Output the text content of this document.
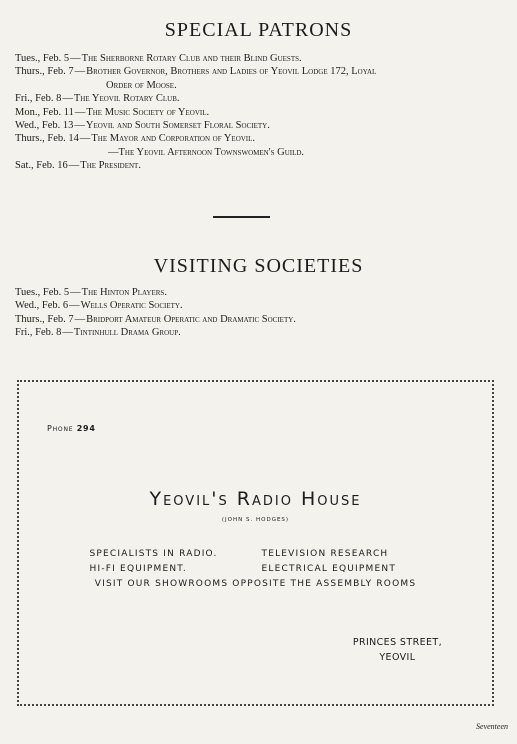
SPECIAL PATRONS
Tues., Feb. 5 — The Sherborne Rotary Club and their Blind Guests.
Thurs., Feb. 7 — Brother Governor, Brothers and Ladies of Yeovil Lodge 172, Loyal
Order of Moose.
Fri., Feb. 8 — The Yeovil Rotary Club.
Mon., Feb. 11 — The Music Society of Yeovil.
Wed., Feb. 13 — Yeovil and South Somerset Floral Society.
Thurs., Feb. 14 — The Mayor and Corporation of Yeovil.
—The Yeovil Afternoon Townswomen's Guild.
Sat., Feb. 16 — The President.
VISITING SOCIETIES
Tues., Feb. 5 — The Hinton Players.
Wed., Feb. 6 — Wells Operatic Society.
Thurs., Feb. 7 — Bridport Amateur Operatic and Dramatic Society.
Fri., Feb. 8 — Tintinhull Drama Group.
Phone 294
Yeovil's Radio House
(JOHN S. HODGES)
SPECIALISTS IN RADIO.	TELEVISION RESEARCH
HI-FI EQUIPMENT.	ELECTRICAL EQUIPMENT
VISIT OUR SHOWROOMS OPPOSITE THE ASSEMBLY ROOMS
PRINCES STREET,
YEOVIL
Seventeen
